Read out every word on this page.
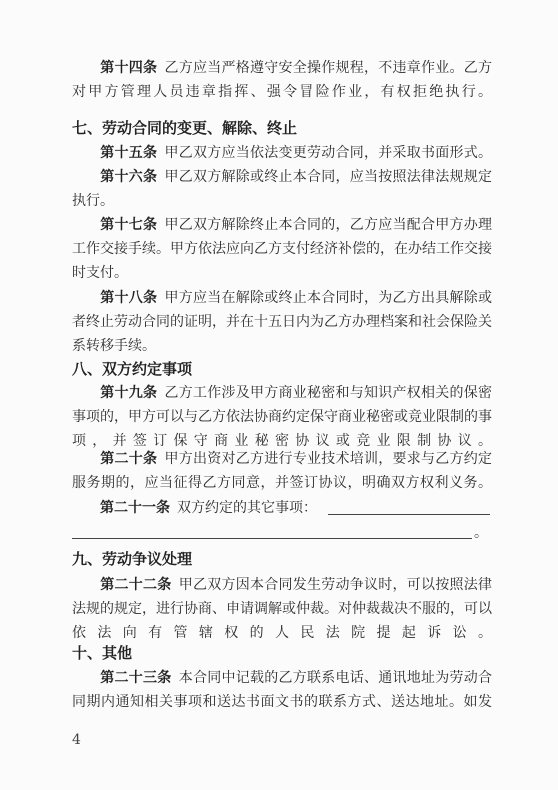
  第十四条  乙方应当严格遵守安全操作规程，不违章作业。乙方对甲方管理人员违章指挥、强令冒险作业，有权拒绝执行。

七、劳动合同的变更、解除、终止

  第十五条  甲乙双方应当依法变更劳动合同，并采取书面形式。

  第十六条  甲乙双方解除或终止本合同，应当按照法律法规规定执行。

  第十七条  甲乙双方解除终止本合同的，乙方应当配合甲方办理工作交接手续。甲方依法应向乙方支付经济补偿的，在办结工作交接时支付。

  第十八条  甲方应当在解除或终止本合同时，为乙方出具解除或者终止劳动合同的证明，并在十五日内为乙方办理档案和社会保险关系转移手续。

八、双方约定事项

  第十九条  乙方工作涉及甲方商业秘密和与知识产权相关的保密事项的，甲方可以与乙方依法协商约定保守商业秘密或竞业限制的事项，并签订保守商业秘密协议或竞业限制协议。

  第二十条  甲方出资对乙方进行专业技术培训，要求与乙方约定服务期的，应当征得乙方同意，并签订协议，明确双方权利义务。

  第二十一条  双方约定的其它事项：

。
九、劳动争议处理

  第二十二条  甲乙双方因本合同发生劳动争议时，可以按照法律法规的规定，进行协商、申请调解或仲裁。对仲裁裁决不服的，可以依法向有管辖权的人民法院提起诉讼。

十、其他

  第二十三条  本合同中记载的乙方联系电话、通讯地址为劳动合同期内通知相关事项和送达书面文书的联系方式、送达地址。如发

4
